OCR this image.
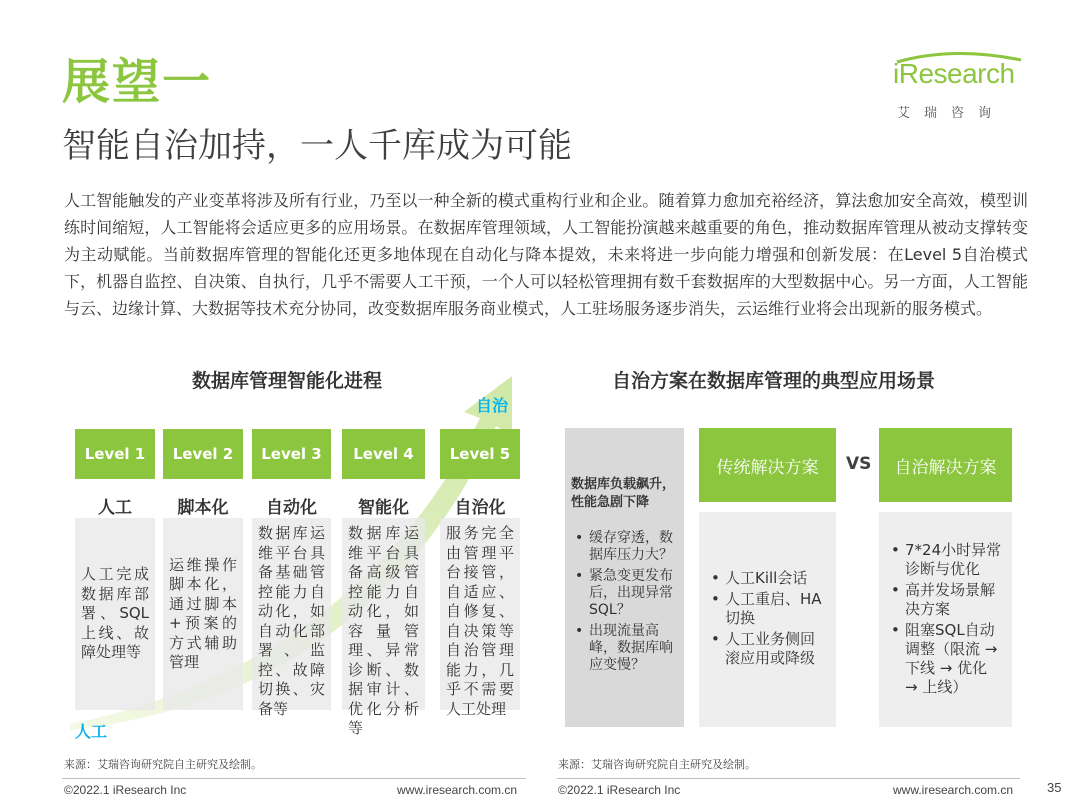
展望一
智能自治加持，一人千库成为可能
iResearch
艾瑞咨询

人工智能触发的产业变革将涉及所有行业，乃至以一种全新的模式重构行业和企业。随着算力愈加充裕经济，算法愈加安全高效，模型训练时间缩短，人工智能将会适应更多的应用场景。在数据库管理领域，人工智能扮演越来越重要的角色，推动数据库管理从被动支撑转变为主动赋能。当前数据库管理的智能化还更多地体现在自动化与降本提效，未来将进一步向能力增强和创新发展：在Level 5自治模式下，机器自监控、自决策、自执行，几乎不需要人工干预，一个人可以轻松管理拥有数千套数据库的大型数据中心。另一方面，人工智能与云、边缘计算、大数据等技术充分协同，改变数据库服务商业模式，人工驻场服务逐步消失，云运维行业将会出现新的服务模式。

数据库管理智能化进程	自治方案在数据库管理的典型应用场景
自治
人工
Level 1	Level 2	Level 3	Level 4	Level 5
人工	脚本化	自动化	智能化	自治化
人工完成数据库部署、SQL上线、故障处理等
运维操作脚本化，通过脚本+预案的方式辅助管理
数据库运维平台具备基础管控能力自动化，如自动化部署、监控、故障切换、灾备等
数据库运维平台具备高级管控能力自动化，如容量管理、异常诊断、数据审计、优化分析等
服务完全由管理平台接管，自适应、自修复、自决策等自治管理能力，几乎不需要人工处理
数据库负载飙升，性能急剧下降
• 缓存穿透，数据库压力大？
• 紧急变更发布后，出现异常SQL？
• 出现流量高峰，数据库响应变慢？
传统解决方案	VS	自治解决方案
• 人工Kill会话
• 人工重启、HA切换
• 人工业务侧回滚应用或降级
• 7*24小时异常诊断与优化
• 高并发场景解决方案
• 阻塞SQL自动调整（限流 → 下线 → 优化 → 上线）
来源：艾瑞咨询研究院自主研究及绘制。	来源：艾瑞咨询研究院自主研究及绘制。
©2022.1 iResearch Inc	www.iresearch.com.cn	©2022.1 iResearch Inc	www.iresearch.com.cn	35
